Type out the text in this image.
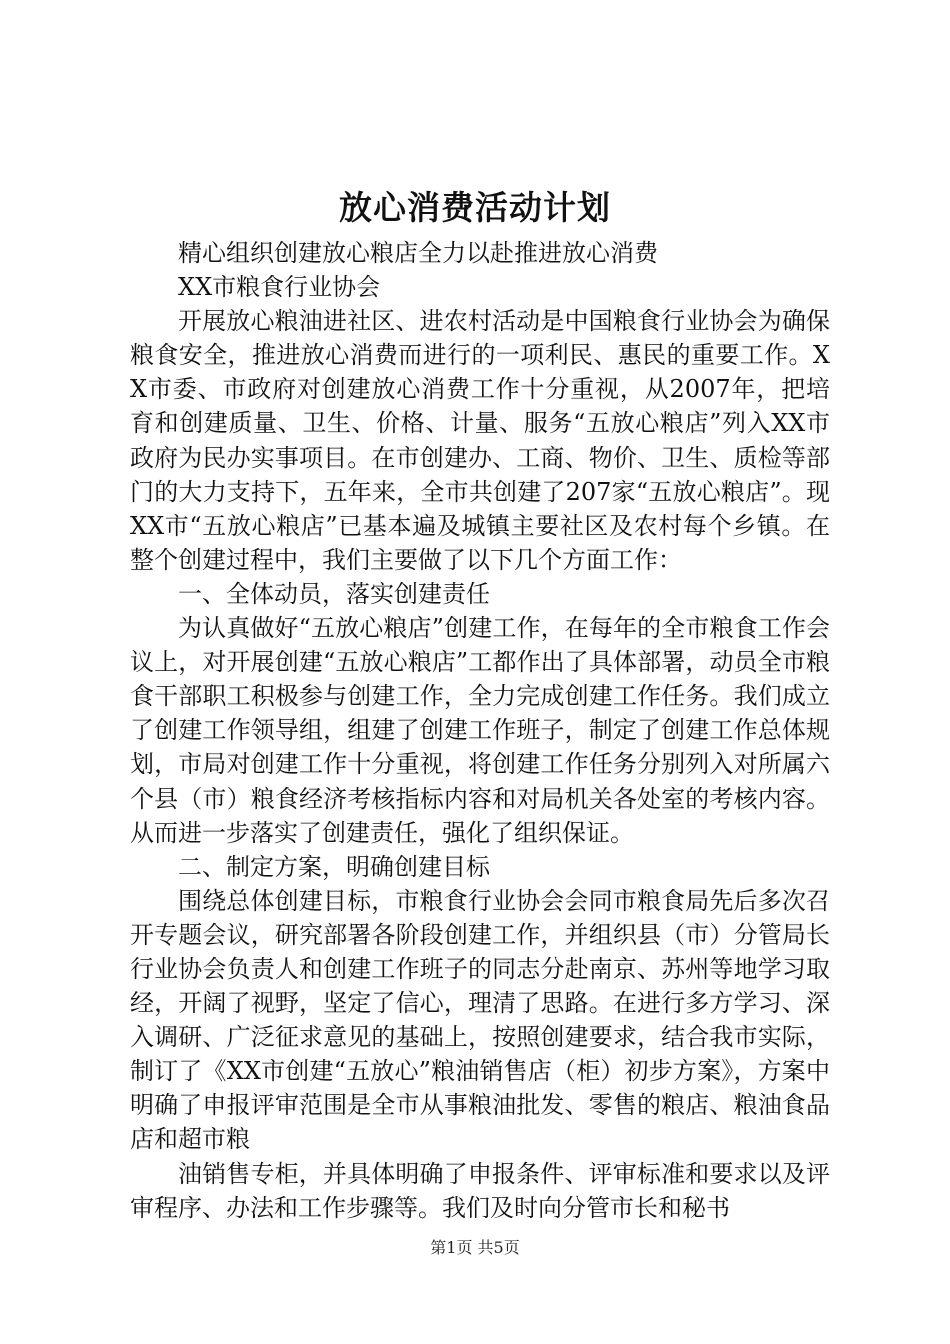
放心消费活动计划

精心组织创建放心粮店全力以赴推进放心消费

XX市粮食行业协会

开展放心粮油进社区、进农村活动是中国粮食行业协会为确保粮食安全，推进放心消费而进行的一项利民、惠民的重要工作。XX市委、市政府对创建放心消费工作十分重视，从2007年，把培育和创建质量、卫生、价格、计量、服务“五放心粮店”列入XX市政府为民办实事项目。在市创建办、工商、物价、卫生、质检等部门的大力支持下，五年来，全市共创建了207家“五放心粮店”。现XX市“五放心粮店”已基本遍及城镇主要社区及农村每个乡镇。在整个创建过程中，我们主要做了以下几个方面工作：

一、全体动员，落实创建责任

为认真做好“五放心粮店”创建工作，在每年的全市粮食工作会议上，对开展创建“五放心粮店”工都作出了具体部署，动员全市粮食干部职工积极参与创建工作，全力完成创建工作任务。我们成立了创建工作领导组，组建了创建工作班子，制定了创建工作总体规划，市局对创建工作十分重视，将创建工作任务分别列入对所属六个县（市）粮食经济考核指标内容和对局机关各处室的考核内容。从而进一步落实了创建责任，强化了组织保证。

二、制定方案，明确创建目标

围绕总体创建目标，市粮食行业协会会同市粮食局先后多次召开专题会议，研究部署各阶段创建工作，并组织县（市）分管局长行业协会负责人和创建工作班子的同志分赴南京、苏州等地学习取经，开阔了视野，坚定了信心，理清了思路。在进行多方学习、深入调研、广泛征求意见的基础上，按照创建要求，结合我市实际，制订了《XX市创建“五放心”粮油销售店（柜）初步方案》，方案中明确了申报评审范围是全市从事粮油批发、零售的粮店、粮油食品店和超市粮

油销售专柜，并具体明确了申报条件、评审标准和要求以及评审程序、办法和工作步骤等。我们及时向分管市长和秘书

第1页 共5页
